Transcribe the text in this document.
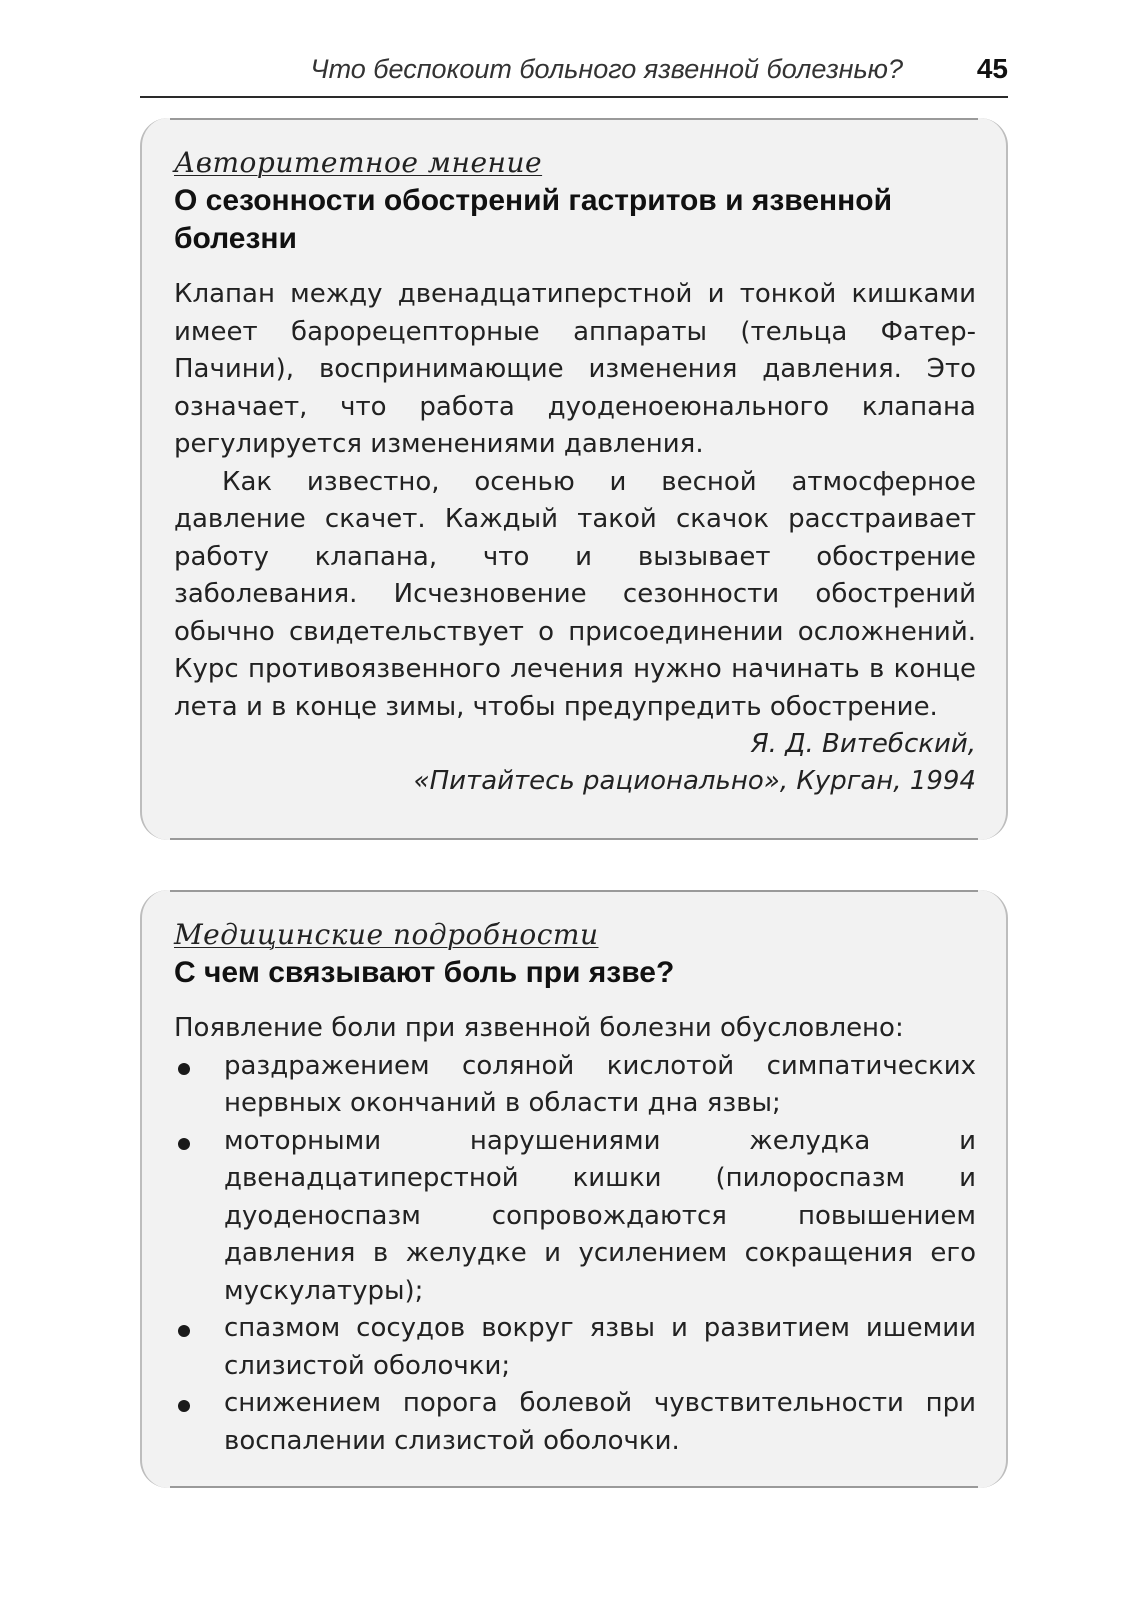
Что беспокоит больного язвенной болезнью?	45
Авторитетное мнение
О сезонности обострений гастритов и язвенной болезни

Клапан между двенадцатиперстной и тонкой кишками имеет барорецепторные аппараты (тельца Фатер-Пачини), воспринимающие изменения давления. Это означает, что работа дуоденоеюнального клапана регулируется изменениями давления.

Как известно, осенью и весной атмосферное давление скачет. Каждый такой скачок расстраивает работу клапана, что и вызывает обострение заболевания. Исчезновение сезонности обострений обычно свидетельствует о присоединении осложнений. Курс противоязвенного лечения нужно начинать в конце лета и в конце зимы, чтобы предупредить обострение.

Я. Д. Витебский,

«Питайтесь рационально», Курган, 1994

Медицинские подробности
С чем связывают боль при язве?

Появление боли при язвенной болезни обусловлено:

раздражением соляной кислотой симпатических нервных окончаний в области дна язвы;
моторными нарушениями желудка и двенадцатиперстной кишки (пилороспазм и дуоденоспазм сопровождаются повышением давления в желудке и усилением сокращения его мускулатуры);
спазмом сосудов вокруг язвы и развитием ишемии слизистой оболочки;
снижением порога болевой чувствительности при воспалении слизистой оболочки.
